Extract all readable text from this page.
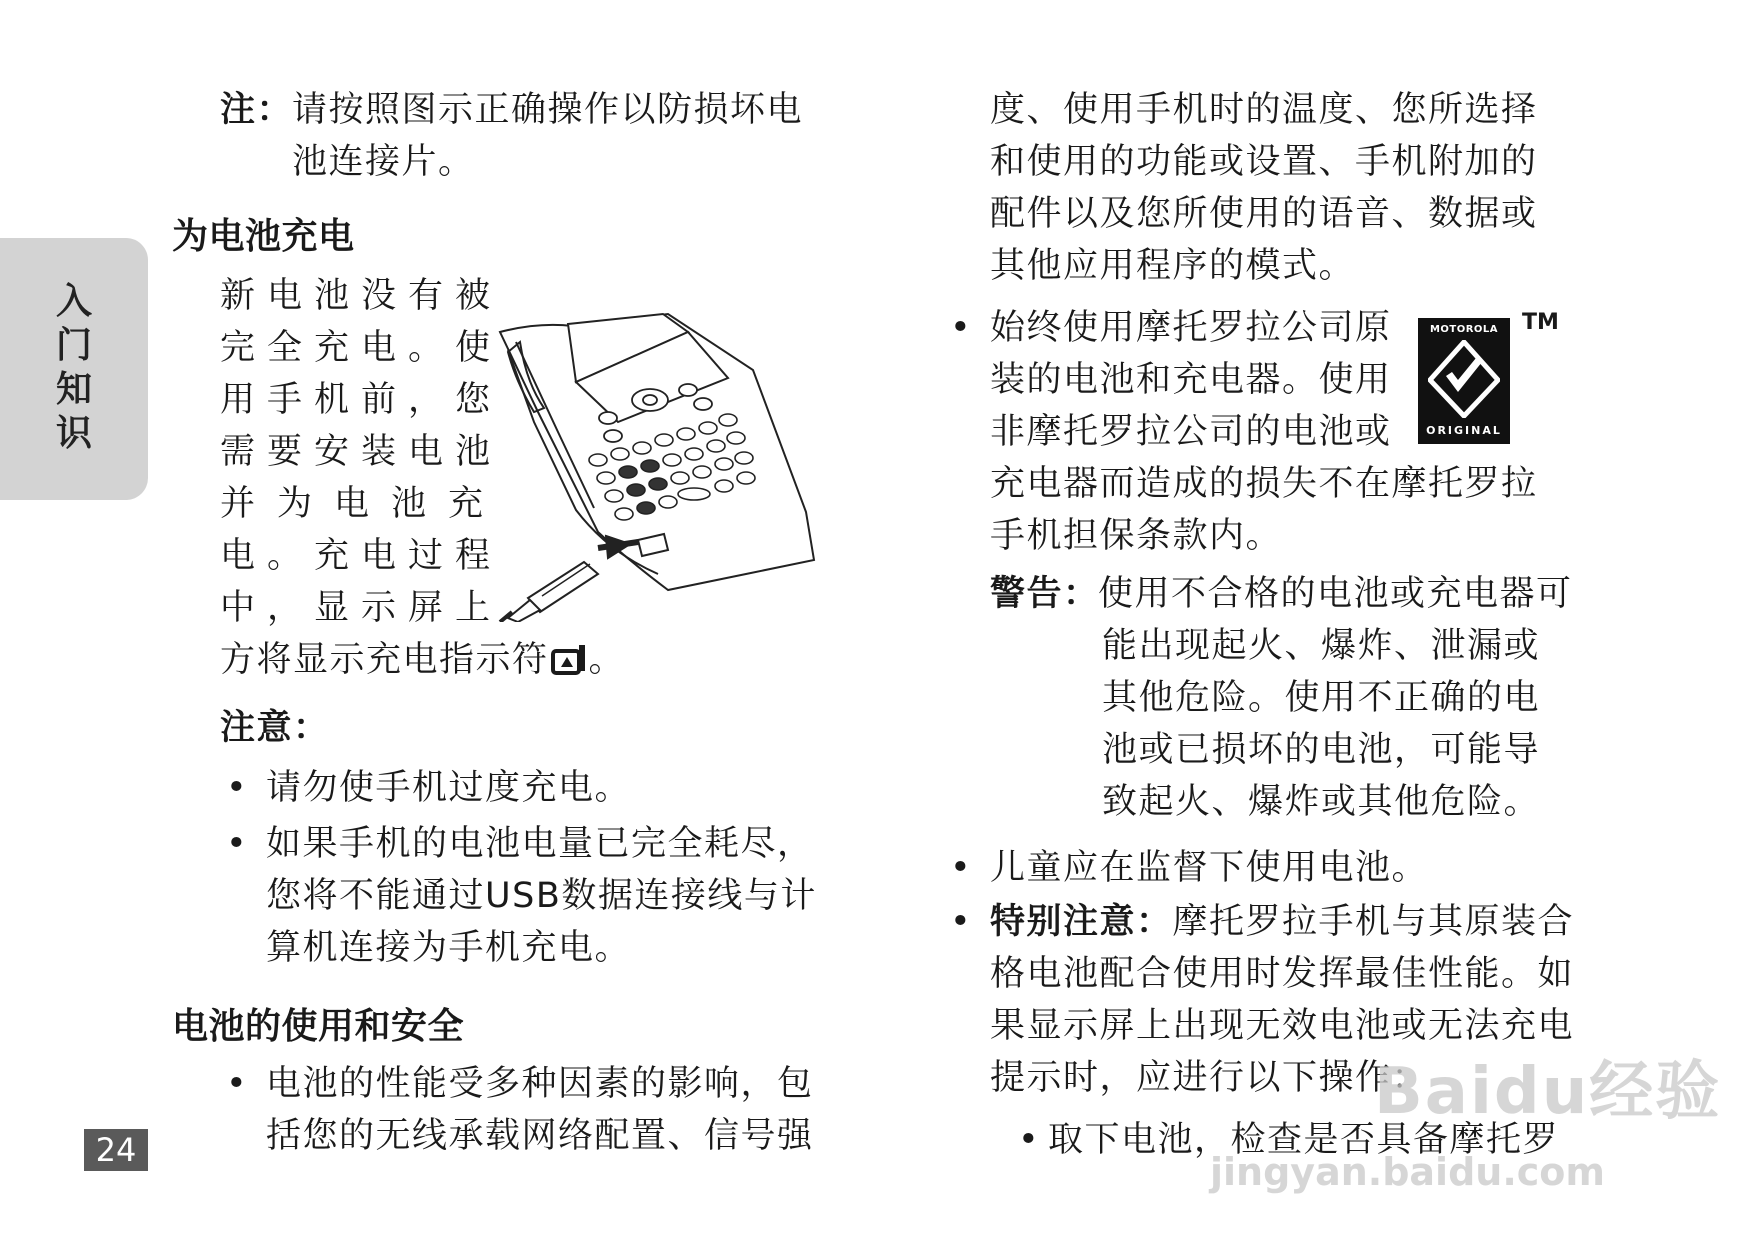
入
门
知
识
24
注：
请按照图示正确操作以防损坏电
池连接片。
为电池充电
新电池没有被
完全充电。使
用手机前，您
需要安装电池
并为电池充
电。充电过程
中，显示屏上
方将显示充电指示符 。
注意：
• 请勿使手机过度充电。
• 如果手机的电池电量已完全耗尽，
您将不能通过USB数据连接线与计
算机连接为手机充电。
电池的使用和安全
• 电池的性能受多种因素的影响，包
括您的无线承载网络配置、信号强
度、使用手机时的温度、您所选择
和使用的功能或设置、手机附加的
配件以及您所使用的语音、数据或
其他应用程序的模式。
• 始终使用摩托罗拉公司原
装的电池和充电器。使用
非摩托罗拉公司的电池或
充电器而造成的损失不在摩托罗拉
手机担保条款内。
MOTOROLA
ORIGINAL
TM
警告：
使用不合格的电池或充电器可
能出现起火、爆炸、泄漏或
其他危险。使用不正确的电
池或已损坏的电池，可能导
致起火、爆炸或其他危险。
• 儿童应在监督下使用电池。
• 特别注意：摩托罗拉手机与其原装合
格电池配合使用时发挥最佳性能。如
果显示屏上出现无效电池或无法充电
提示时，应进行以下操作：
• 取下电池，检查是否具备摩托罗
Baidu经验
jingyan.baidu.com
